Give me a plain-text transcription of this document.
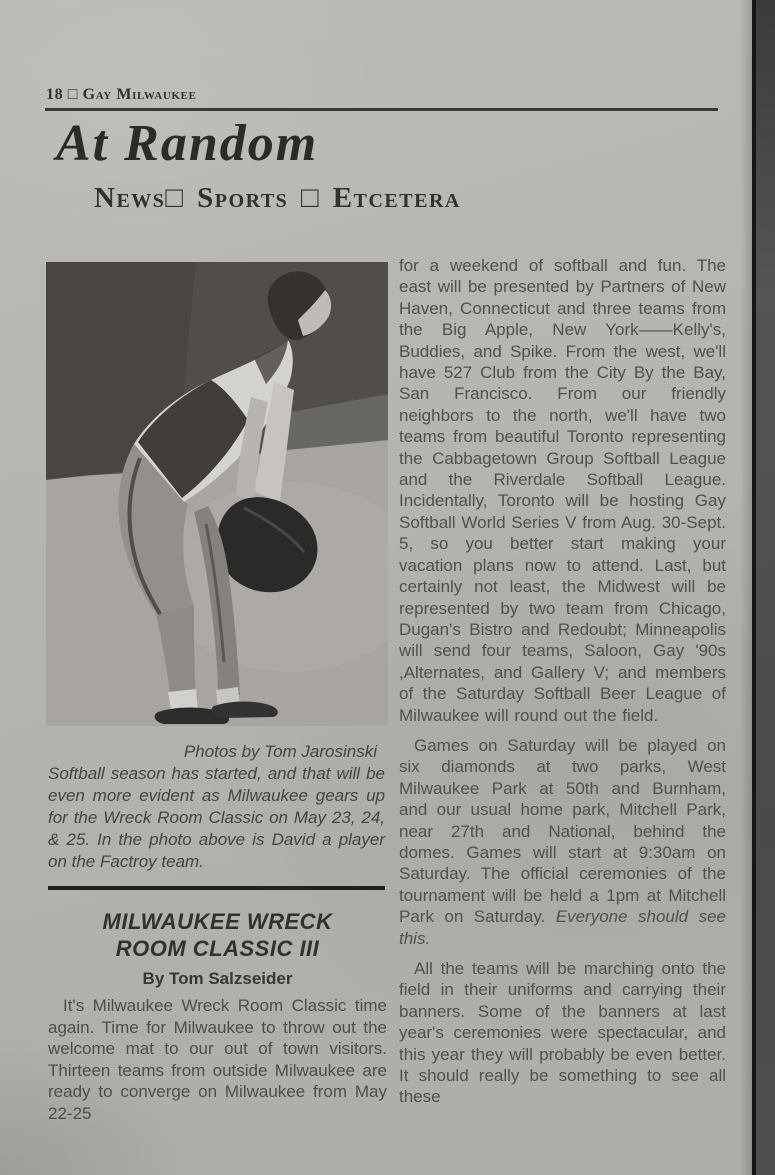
18 □ Gay Milwaukee
At Random
News□ Sports □ Etcetera
Photos by Tom Jarosinski
Softball season has started, and that will be even more evident as Milwaukee gears up for the Wreck Room Classic on May 23, 24, & 25. In the photo above is David a player on the Factroy team.
MILWAUKEE WRECK
ROOM CLASSIC III
By Tom Salzseider

It's Milwaukee Wreck Room Classic time again. Time for Milwaukee to throw out the welcome mat to our out of town visitors. Thirteen teams from outside Milwaukee are ready to converge on Milwaukee from May 22-25

for a weekend of softball and fun. The east will be presented by Partners of New Haven, Connecticut and three teams from the Big Apple, New York——Kelly's, Buddies, and Spike. From the west, we'll have 527 Club from the City By the Bay, San Francisco. From our friendly neighbors to the north, we'll have two teams from beautiful Toronto representing the Cabbagetown Group Softball League and the Riverdale Softball League. Incidentally, Toronto will be hosting Gay Softball World Series V from Aug. 30-Sept. 5, so you better start making your vacation plans now to attend. Last, but certainly not least, the Midwest will be represented by two team from Chicago, Dugan's Bistro and Redoubt; Minneapolis will send four teams, Saloon, Gay '90s ,Alternates, and Gallery V; and members of the Saturday Softball Beer League of Milwaukee will round out the field.

Games on Saturday will be played on six diamonds at two parks, West Milwaukee Park at 50th and Burnham, and our usual home park, Mitchell Park, near 27th and National, behind the domes. Games will start at 9:30am on Saturday. The official ceremonies of the tournament will be held a 1pm at Mitchell Park on Saturday. Everyone should see this.

All the teams will be marching onto the field in their uniforms and carrying their banners. Some of the banners at last year's ceremonies were spectacular, and this year they will probably be even better. It should really be something to see all these
